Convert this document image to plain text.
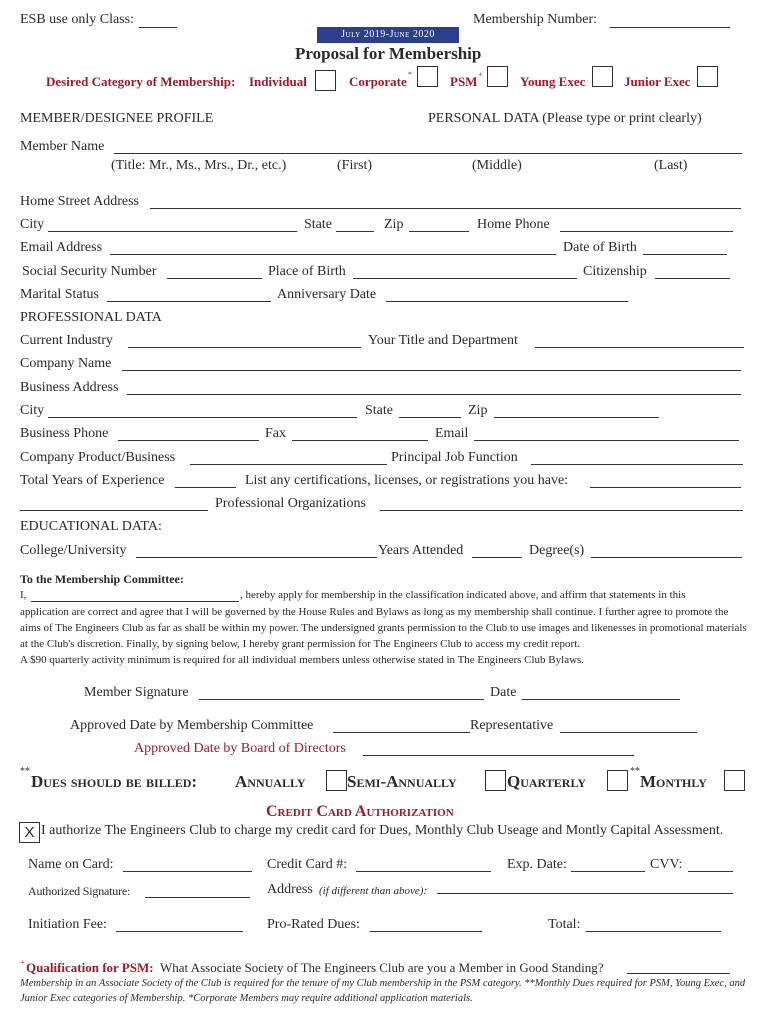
ESB use only Class:	Membership Number:
July 2019-June 2020
Proposal for Membership
Desired Category of Membership: Individual	Corporate *	PSM +	Young Exec	Junior Exec
MEMBER/DESIGNEE PROFILE	PERSONAL DATA (Please type or print clearly)
Member Name
(Title: Mr., Ms., Mrs., Dr., etc.)	(First)	(Middle)	(Last)
Home Street Address
City	State	Zip	Home Phone
Email Address	Date of Birth
Social Security Number	Place of Birth	Citizenship
Marital Status	Anniversary Date
PROFESSIONAL DATA
Current Industry	Your Title and Department
Company Name
Business Address
City	State	Zip
Business Phone	Fax	Email
Company Product/Business	Principal Job Function
Total Years of Experience	List any certifications, licenses, or registrations you have:
Professional Organizations
EDUCATIONAL DATA:
College/University	Years Attended	Degree(s)
To the Membership Committee:
I,	, hereby apply for membership in the classification indicated above, and affirm that statements in this
application are correct and agree that I will be governed by the House Rules and Bylaws as long as my membership shall continue. I further agree to promote the aims of The Engineers Club as far as shall be within my power. The undersigned grants permission to the Club to use images and likenesses in promotional materials at the Club's discretion. Finally, by signing below, I hereby grant permission for The Engineers Club to access my credit report.
A $90 quarterly activity minimum is required for all individual members unless otherwise stated in The Engineers Club Bylaws.
Member Signature	Date
Approved Date by Membership Committee	Representative
Approved Date by Board of Directors
**
Dues should be billed: Annually Semi-Annually	Quarterly
**
Monthly
Credit Card Authorization
X I authorize The Engineers Club to charge my credit card for Dues, Monthly Club Useage and Montly Capital Assessment.
Name on Card:	Credit Card #:	Exp. Date:	CVV:
Authorized Signature:	Address (if different than above):
Initiation Fee:	Pro-Rated Dues:	Total:
+ Qualification for PSM: What Associate Society of The Engineers Club are you a Member in Good Standing?
Membership in an Associate Society of the Club is required for the tenure of my Club membership in the PSM category. **Monthly Dues required for PSM, Young Exec, and Junior Exec categories of Membership. *Corporate Members may require additional application materials.
